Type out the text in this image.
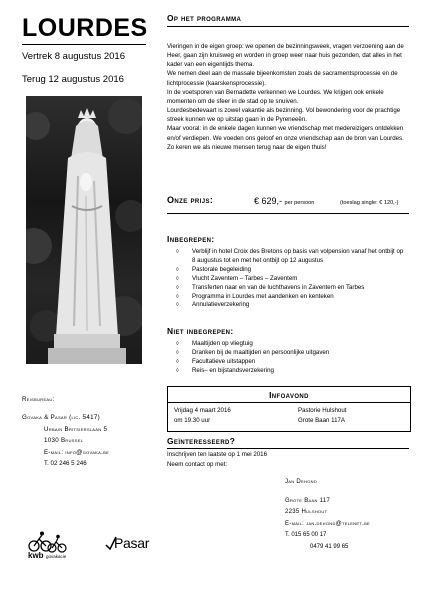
LOURDES
Vertrek 8 augustus 2016
Terug 12 augustus 2016
Reisbureau:
Govaka & Pasar (lic. 5417)
Urbain Britsierslaan 5
1030 Brussel
E-mail: info@govaka.be
T. 02 246 5 246
kwb govakacie
Pasar
Op het programma

Vieringen in de eigen groep: we openen de bezinningsweek, vragen verzoening aan de Heer, gaan zijn kruisweg en worden in groep weer naar huis gezonden, dat alles in het kader van een eigentijds thema.

We nemen deel aan de massale bijeenkomsten zoals de sacramentsprocessie en de lichtprocessie (kaarskensprocessie).

In de voetsporen van Bernadette verkennen we Lourdes. We krijgen ook enkele momenten om de sfeer in de stad op te snuiven.

Lourdesbedevaart is zowel vakantie als bezinning. Vol bewondering voor de prachtige streek kunnen we op uitstap gaan in de Pyreneeën.

Maar vooral: in de enkele dagen kunnen we vriendschap met medereizigers ontdekken en/of verdiepen. We voeden ons geloof en onze vriendschap aan de bron van Lourdes.

Zo keren we als nieuwe mensen terug naar de eigen thuis!

Onze prijs:	€ 629,- per persoon	(toeslag single: € 120,-)
Inbegrepen:
◊ Verblijf in hotel Croix des Bretons op basis van volpension vanaf het ontbijt op 8 augustus tot en met het ontbijt op 12 augustus
◊ Pastorale begeleiding
◊ Vlucht Zaventem – Tarbes – Zaventem
◊ Transferten naar en van de luchthavens in Zaventem en Tarbes
◊ Programma in Lourdes met aandenken en kenteken
◊ Annulatieverzekering
Niet inbegrepen:
◊ Maaltijden op vliegtuig
◊ Dranken bij de maaltijden en persoonlijke uitgaven
◊ Facultatieve uitstappen
◊ Reis– en bijstandsverzekering
Infoavond
Vrijdag 4 maart 2016
om 19.30 uur
Pastorie Hulshout
Grote Baan 117A
Geïnteresseerd?
Inschrijven ten laatste op 1 mei 2016
Neem contact op met:
Jan Dehond
Grote Baan 117
2235 Hulshout
E-mail: jan.dehond@telenet.be
T. 015 65 00 17
0479 41 99 65
